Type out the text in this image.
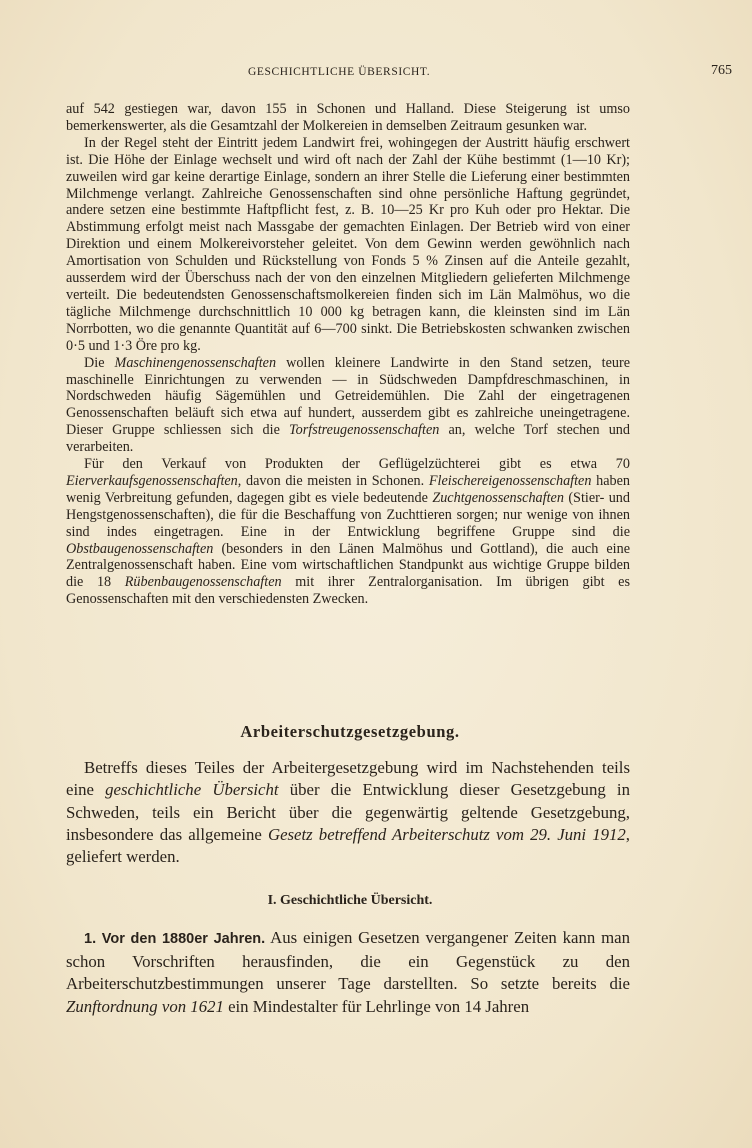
GESCHICHTLICHE ÜBERSICHT.	765

auf 542 gestiegen war, davon 155 in Schonen und Halland. Diese Steigerung ist umso bemerkenswerter, als die Gesamtzahl der Molkereien in demselben Zeitraum gesunken war.

In der Regel steht der Eintritt jedem Landwirt frei, wohingegen der Austritt häufig erschwert ist. Die Höhe der Einlage wechselt und wird oft nach der Zahl der Kühe bestimmt (1—10 Kr); zuweilen wird gar keine derartige Einlage, sondern an ihrer Stelle die Lieferung einer bestimmten Milchmenge verlangt. Zahlreiche Genossenschaften sind ohne persönliche Haftung gegründet, andere setzen eine bestimmte Haftpflicht fest, z. B. 10—25 Kr pro Kuh oder pro Hektar. Die Abstimmung erfolgt meist nach Massgabe der gemachten Einlagen. Der Betrieb wird von einer Direktion und einem Molkereivorsteher geleitet. Von dem Gewinn werden gewöhnlich nach Amortisation von Schulden und Rückstellung von Fonds 5 % Zinsen auf die Anteile gezahlt, ausserdem wird der Überschuss nach der von den einzelnen Mitgliedern gelieferten Milchmenge verteilt. Die bedeutendsten Genossenschaftsmolkereien finden sich im Län Malmöhus, wo die tägliche Milchmenge durchschnittlich 10 000 kg betragen kann, die kleinsten sind im Län Norrbotten, wo die genannte Quantität auf 6—700 sinkt. Die Betriebskosten schwanken zwischen 0·5 und 1·3 Öre pro kg.

Die Maschinengenossenschaften wollen kleinere Landwirte in den Stand setzen, teure maschinelle Einrichtungen zu verwenden — in Südschweden Dampfdreschmaschinen, in Nordschweden häufig Sägemühlen und Getreidemühlen. Die Zahl der eingetragenen Genossenschaften beläuft sich etwa auf hundert, ausserdem gibt es zahlreiche uneingetragene. Dieser Gruppe schliessen sich die Torfstreugenossenschaften an, welche Torf stechen und verarbeiten.

Für den Verkauf von Produkten der Geflügelzüchterei gibt es etwa 70 Eierverkaufsgenossenschaften, davon die meisten in Schonen. Fleischereigenossenschaften haben wenig Verbreitung gefunden, dagegen gibt es viele bedeutende Zuchtgenossenschaften (Stier- und Hengstgenossenschaften), die für die Beschaffung von Zuchttieren sorgen; nur wenige von ihnen sind indes eingetragen. Eine in der Entwicklung begriffene Gruppe sind die Obstbaugenossenschaften (besonders in den Länen Malmöhus und Gottland), die auch eine Zentralgenossenschaft haben. Eine vom wirtschaftlichen Standpunkt aus wichtige Gruppe bilden die 18 Rübenbaugenossenschaften mit ihrer Zentralorganisation. Im übrigen gibt es Genossenschaften mit den verschiedensten Zwecken.

Arbeiterschutzgesetzgebung.

Betreffs dieses Teiles der Arbeitergesetzgebung wird im Nachstehenden teils eine geschichtliche Übersicht über die Entwicklung dieser Gesetzgebung in Schweden, teils ein Bericht über die gegenwärtig geltende Gesetzgebung, insbesondere das allgemeine Gesetz betreffend Arbeiterschutz vom 29. Juni 1912, geliefert werden.

I. Geschichtliche Übersicht.

1. Vor den 1880er Jahren. Aus einigen Gesetzen vergangener Zeiten kann man schon Vorschriften herausfinden, die ein Gegenstück zu den Arbeiterschutzbestimmungen unserer Tage darstellten. So setzte bereits die Zunftordnung von 1621 ein Mindestalter für Lehrlinge von 14 Jahren
